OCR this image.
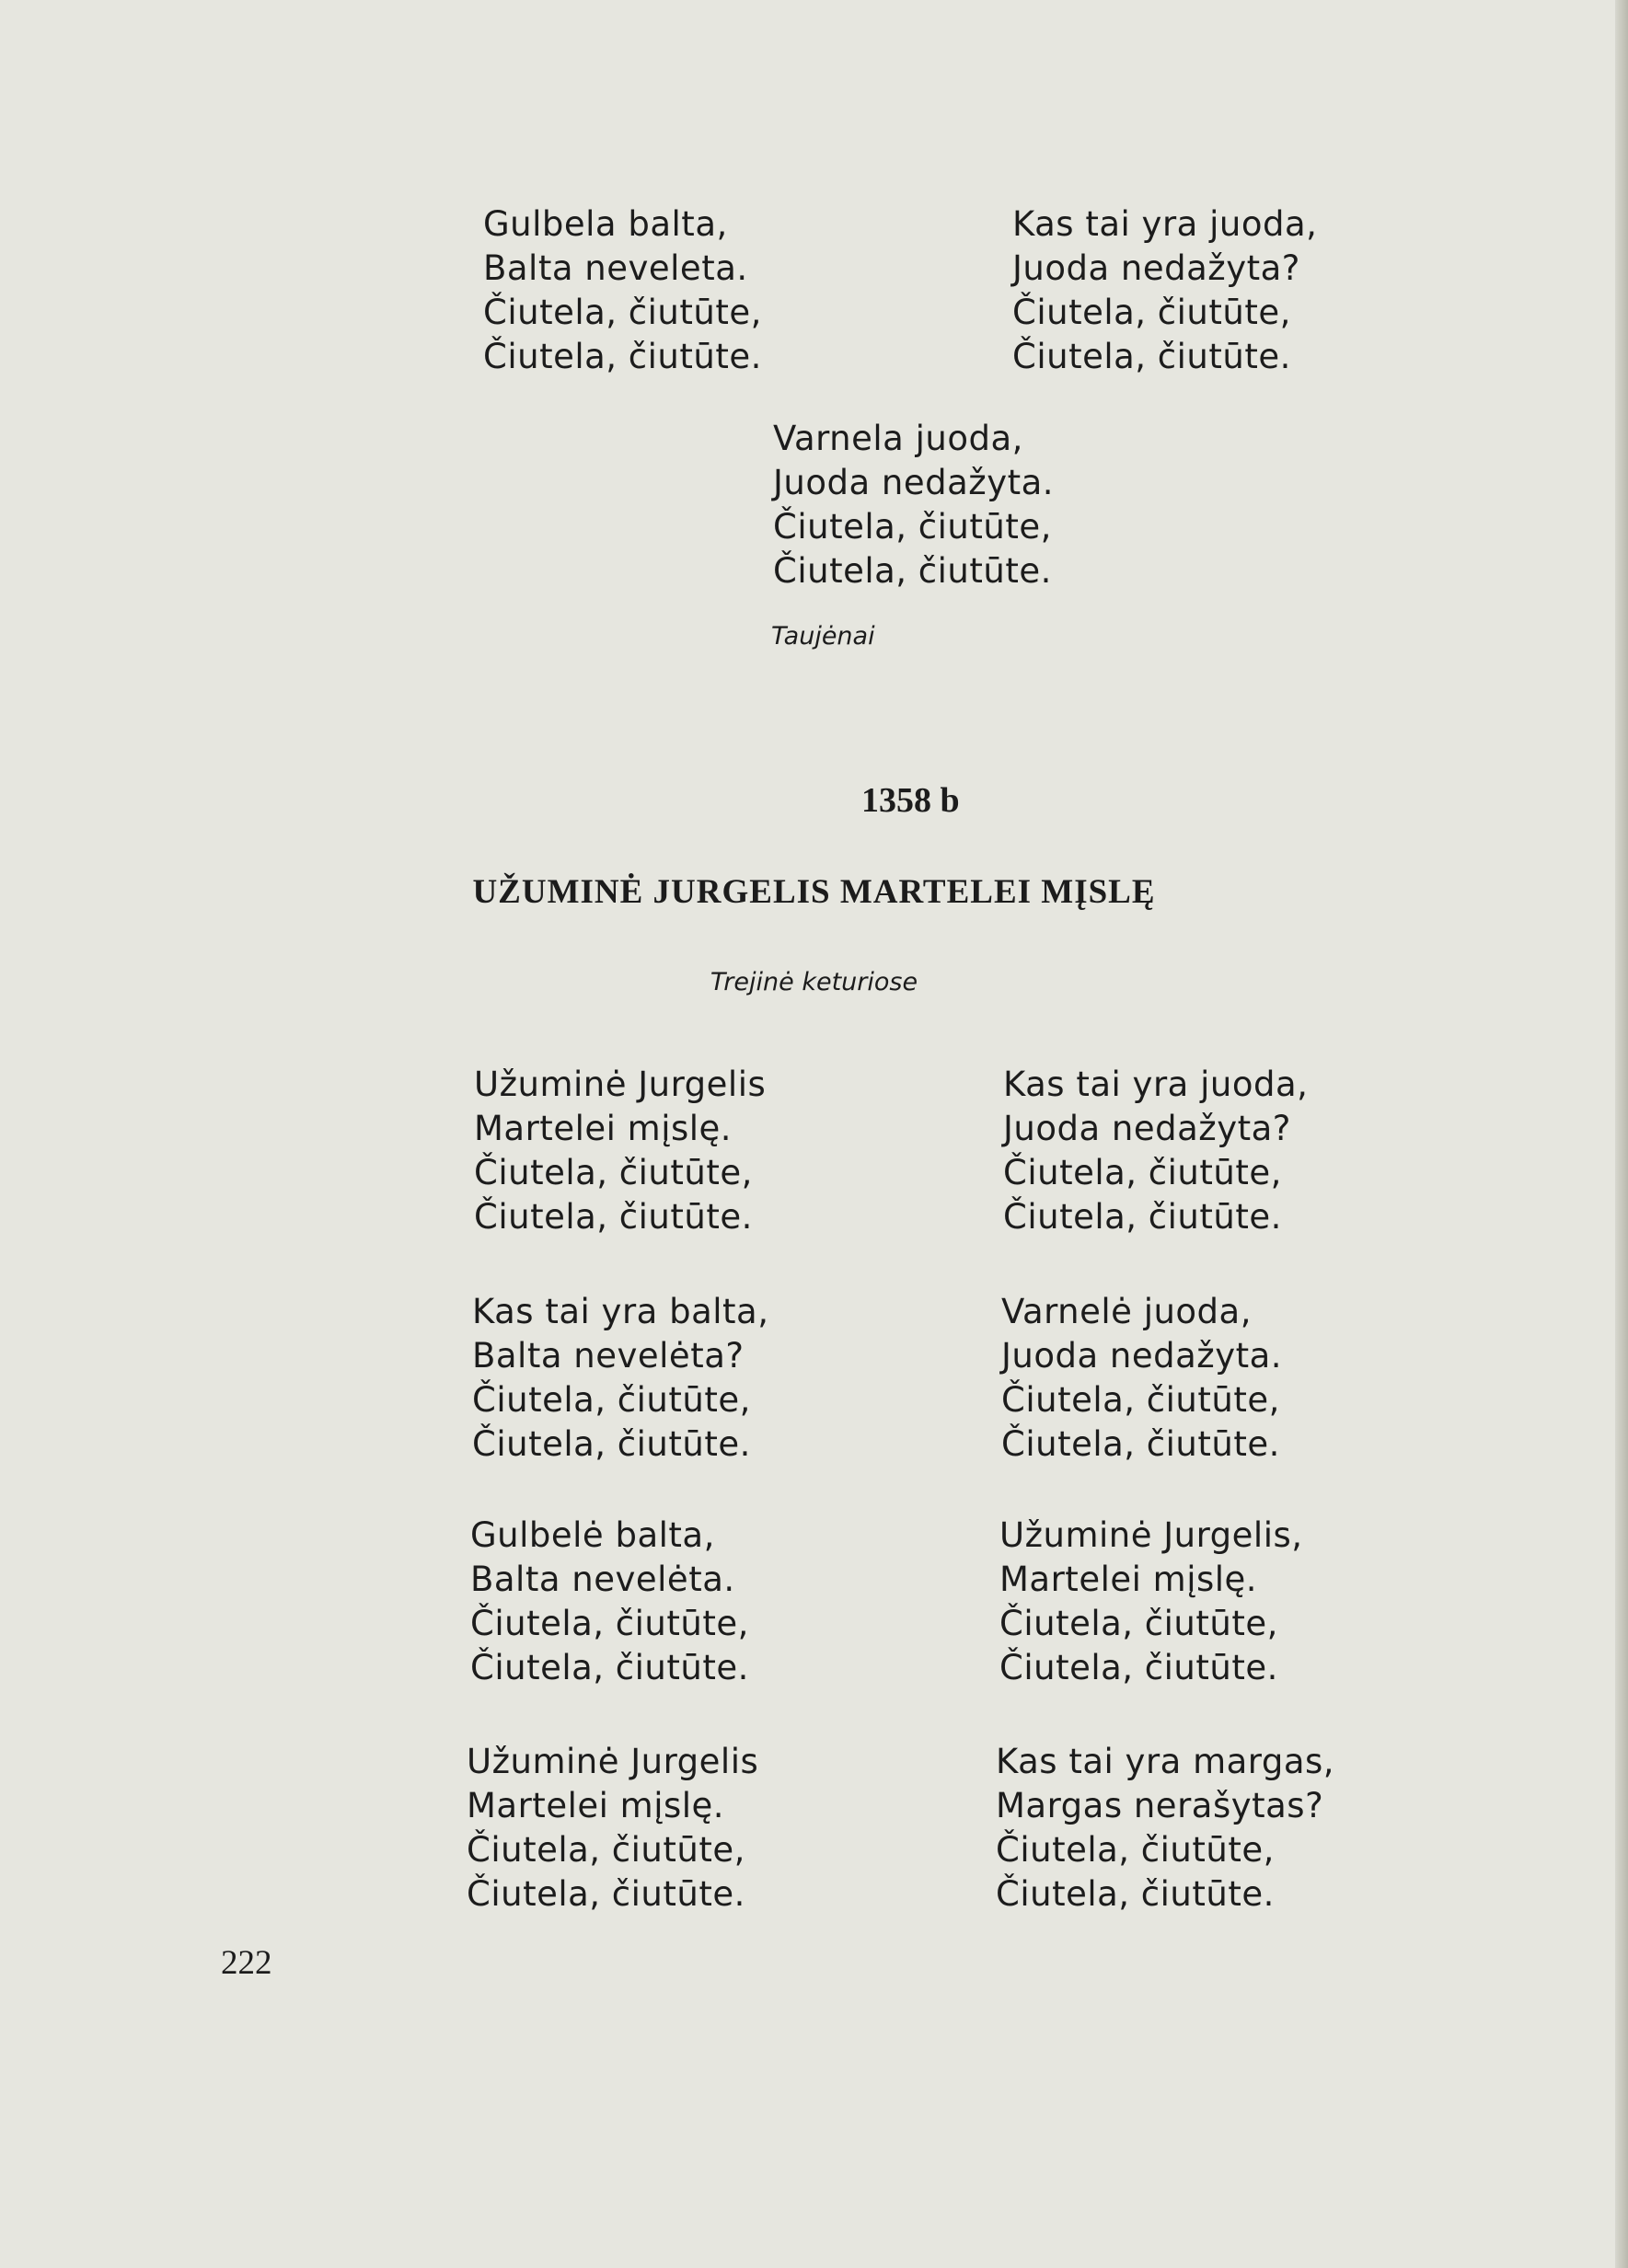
Gulbela balta,
Balta neveleta.
Čiutela, čiutūte,
Čiutela, čiutūte.
Kas tai yra juoda,
Juoda nedažyta?
Čiutela, čiutūte,
Čiutela, čiutūte.
Varnela juoda,
Juoda nedažyta.
Čiutela, čiutūte,
Čiutela, čiutūte.
Taujėnai
1358 b
UŽUMINĖ JURGELIS MARTELEI MĮSLĘ
Trejinė keturiose
Užuminė Jurgelis
Martelei mįslę.
Čiutela, čiutūte,
Čiutela, čiutūte.
Kas tai yra balta,
Balta nevelėta?
Čiutela, čiutūte,
Čiutela, čiutūte.
Gulbelė balta,
Balta nevelėta.
Čiutela, čiutūte,
Čiutela, čiutūte.
Užuminė Jurgelis
Martelei mįslę.
Čiutela, čiutūte,
Čiutela, čiutūte.
Kas tai yra juoda,
Juoda nedažyta?
Čiutela, čiutūte,
Čiutela, čiutūte.
Varnelė juoda,
Juoda nedažyta.
Čiutela, čiutūte,
Čiutela, čiutūte.
Užuminė Jurgelis,
Martelei mįslę.
Čiutela, čiutūte,
Čiutela, čiutūte.
Kas tai yra margas,
Margas nerašytas?
Čiutela, čiutūte,
Čiutela, čiutūte.
222
